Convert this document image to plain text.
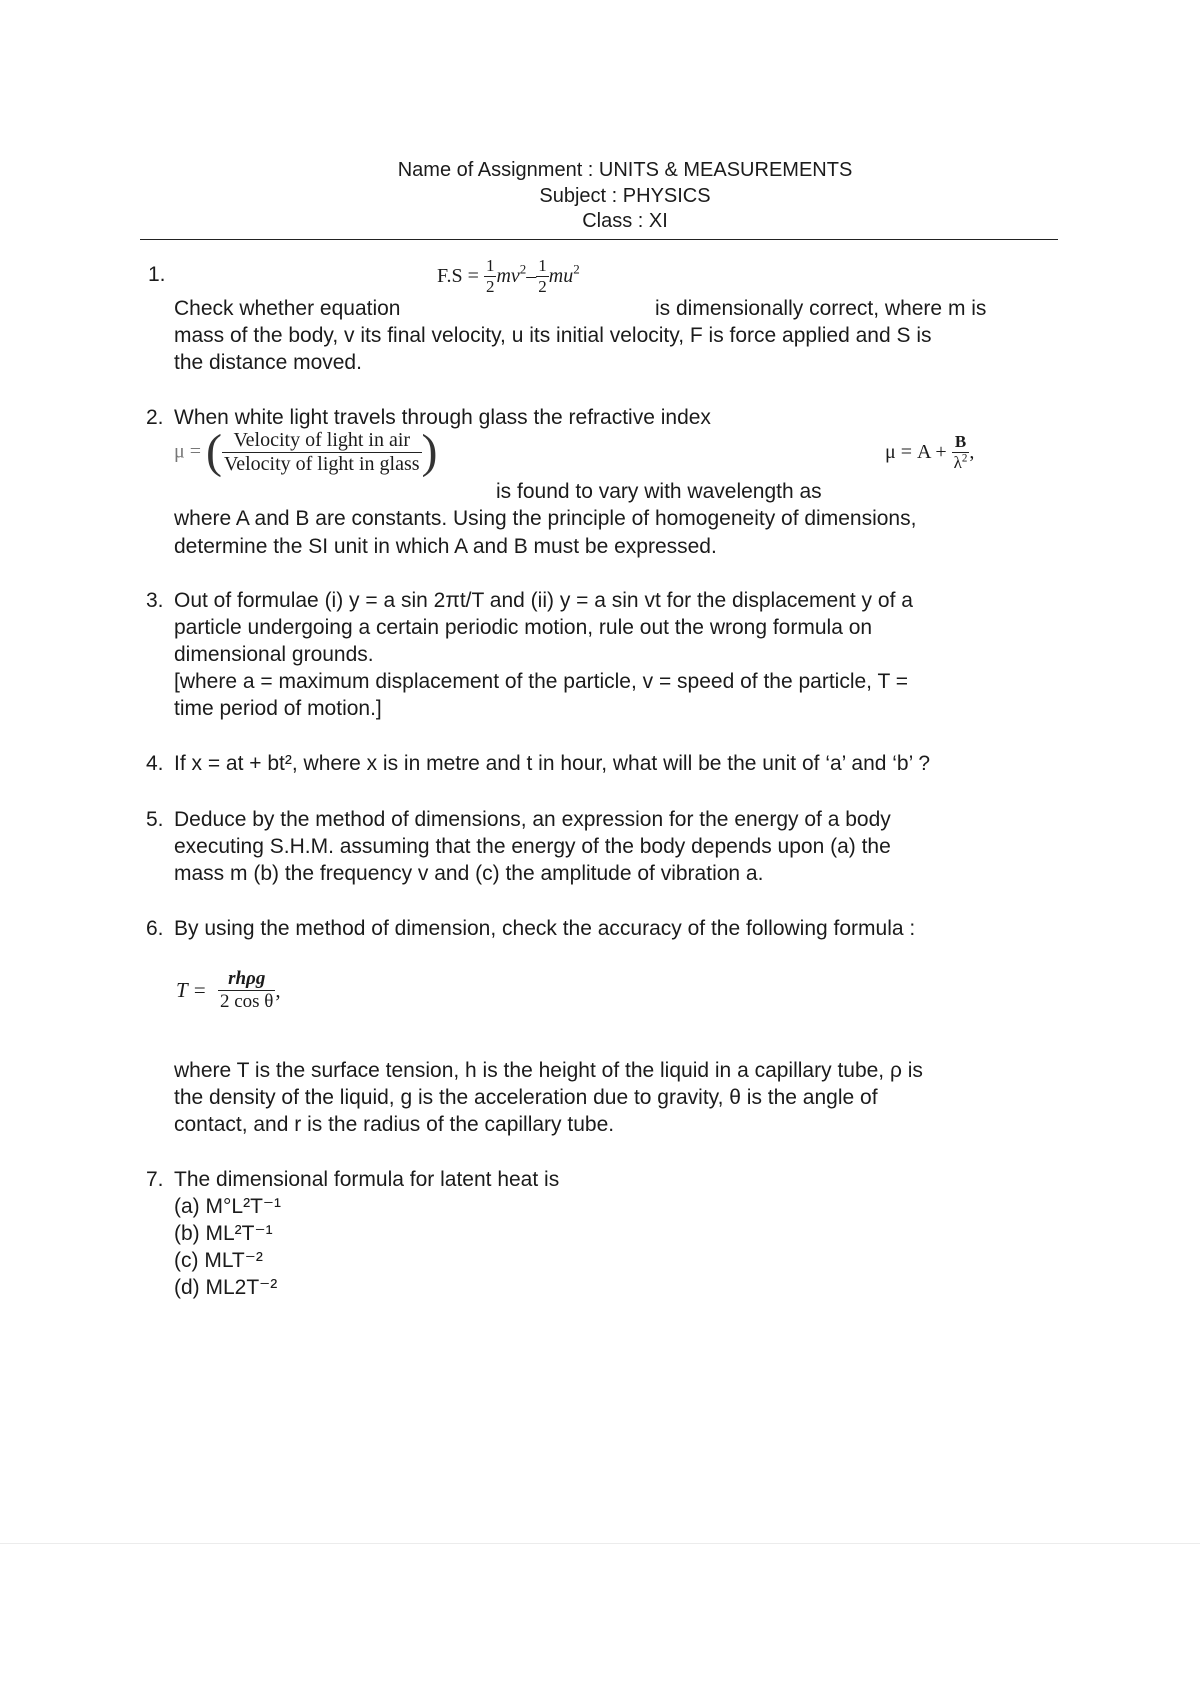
Name of Assignment : UNITS & MEASUREMENTS
Subject : PHYSICS
Class : XI
1.	$F.S = \frac{1}{2} mv^2- \frac{1}{2} mu^2$
Check whether equation	is dimensionally correct, where m is
mass of the body, v its final velocity, u its initial velocity, F is force applied and S is
the distance moved.
2. When white light travels through glass the refractive index
μ = ( $\frac{\text{Velocity of light in air}}{\text{Velocity of light in glass}}$ )
is found to vary with wavelength as
$\mu = A + \frac{B}{\lambda^2}$ ,
where A and B are constants. Using the principle of homogeneity of dimensions,
determine the SI unit in which A and B must be expressed.
3. Out of formulae (i) y = a sin 2πt/T and (ii) y = a sin vt for the displacement y of a
particle undergoing a certain periodic motion, rule out the wrong formula on
dimensional grounds.
[where a = maximum displacement of the particle, v = speed of the particle, T =
time period of motion.]
4. If x = at + bt², where x is in metre and t in hour, what will be the unit of ‘a’ and ‘b’ ?
5. Deduce by the method of dimensions, an expression for the energy of a body
executing S.H.M. assuming that the energy of the body depends upon (a) the
mass m (b) the frequency v and (c) the amplitude of vibration a.
6. By using the method of dimension, check the accuracy of the following formula :
$T = \frac{\text{rhρg}}{\text{2 cos θ}}$ ,
where T is the surface tension, h is the height of the liquid in a capillary tube, ρ is
the density of the liquid, g is the acceleration due to gravity, θ is the angle of
contact, and r is the radius of the capillary tube.
7. The dimensional formula for latent heat is
(a) M°L²T⁻¹
(b) ML²T⁻¹
(c) MLT⁻²
(d) ML2T⁻²
